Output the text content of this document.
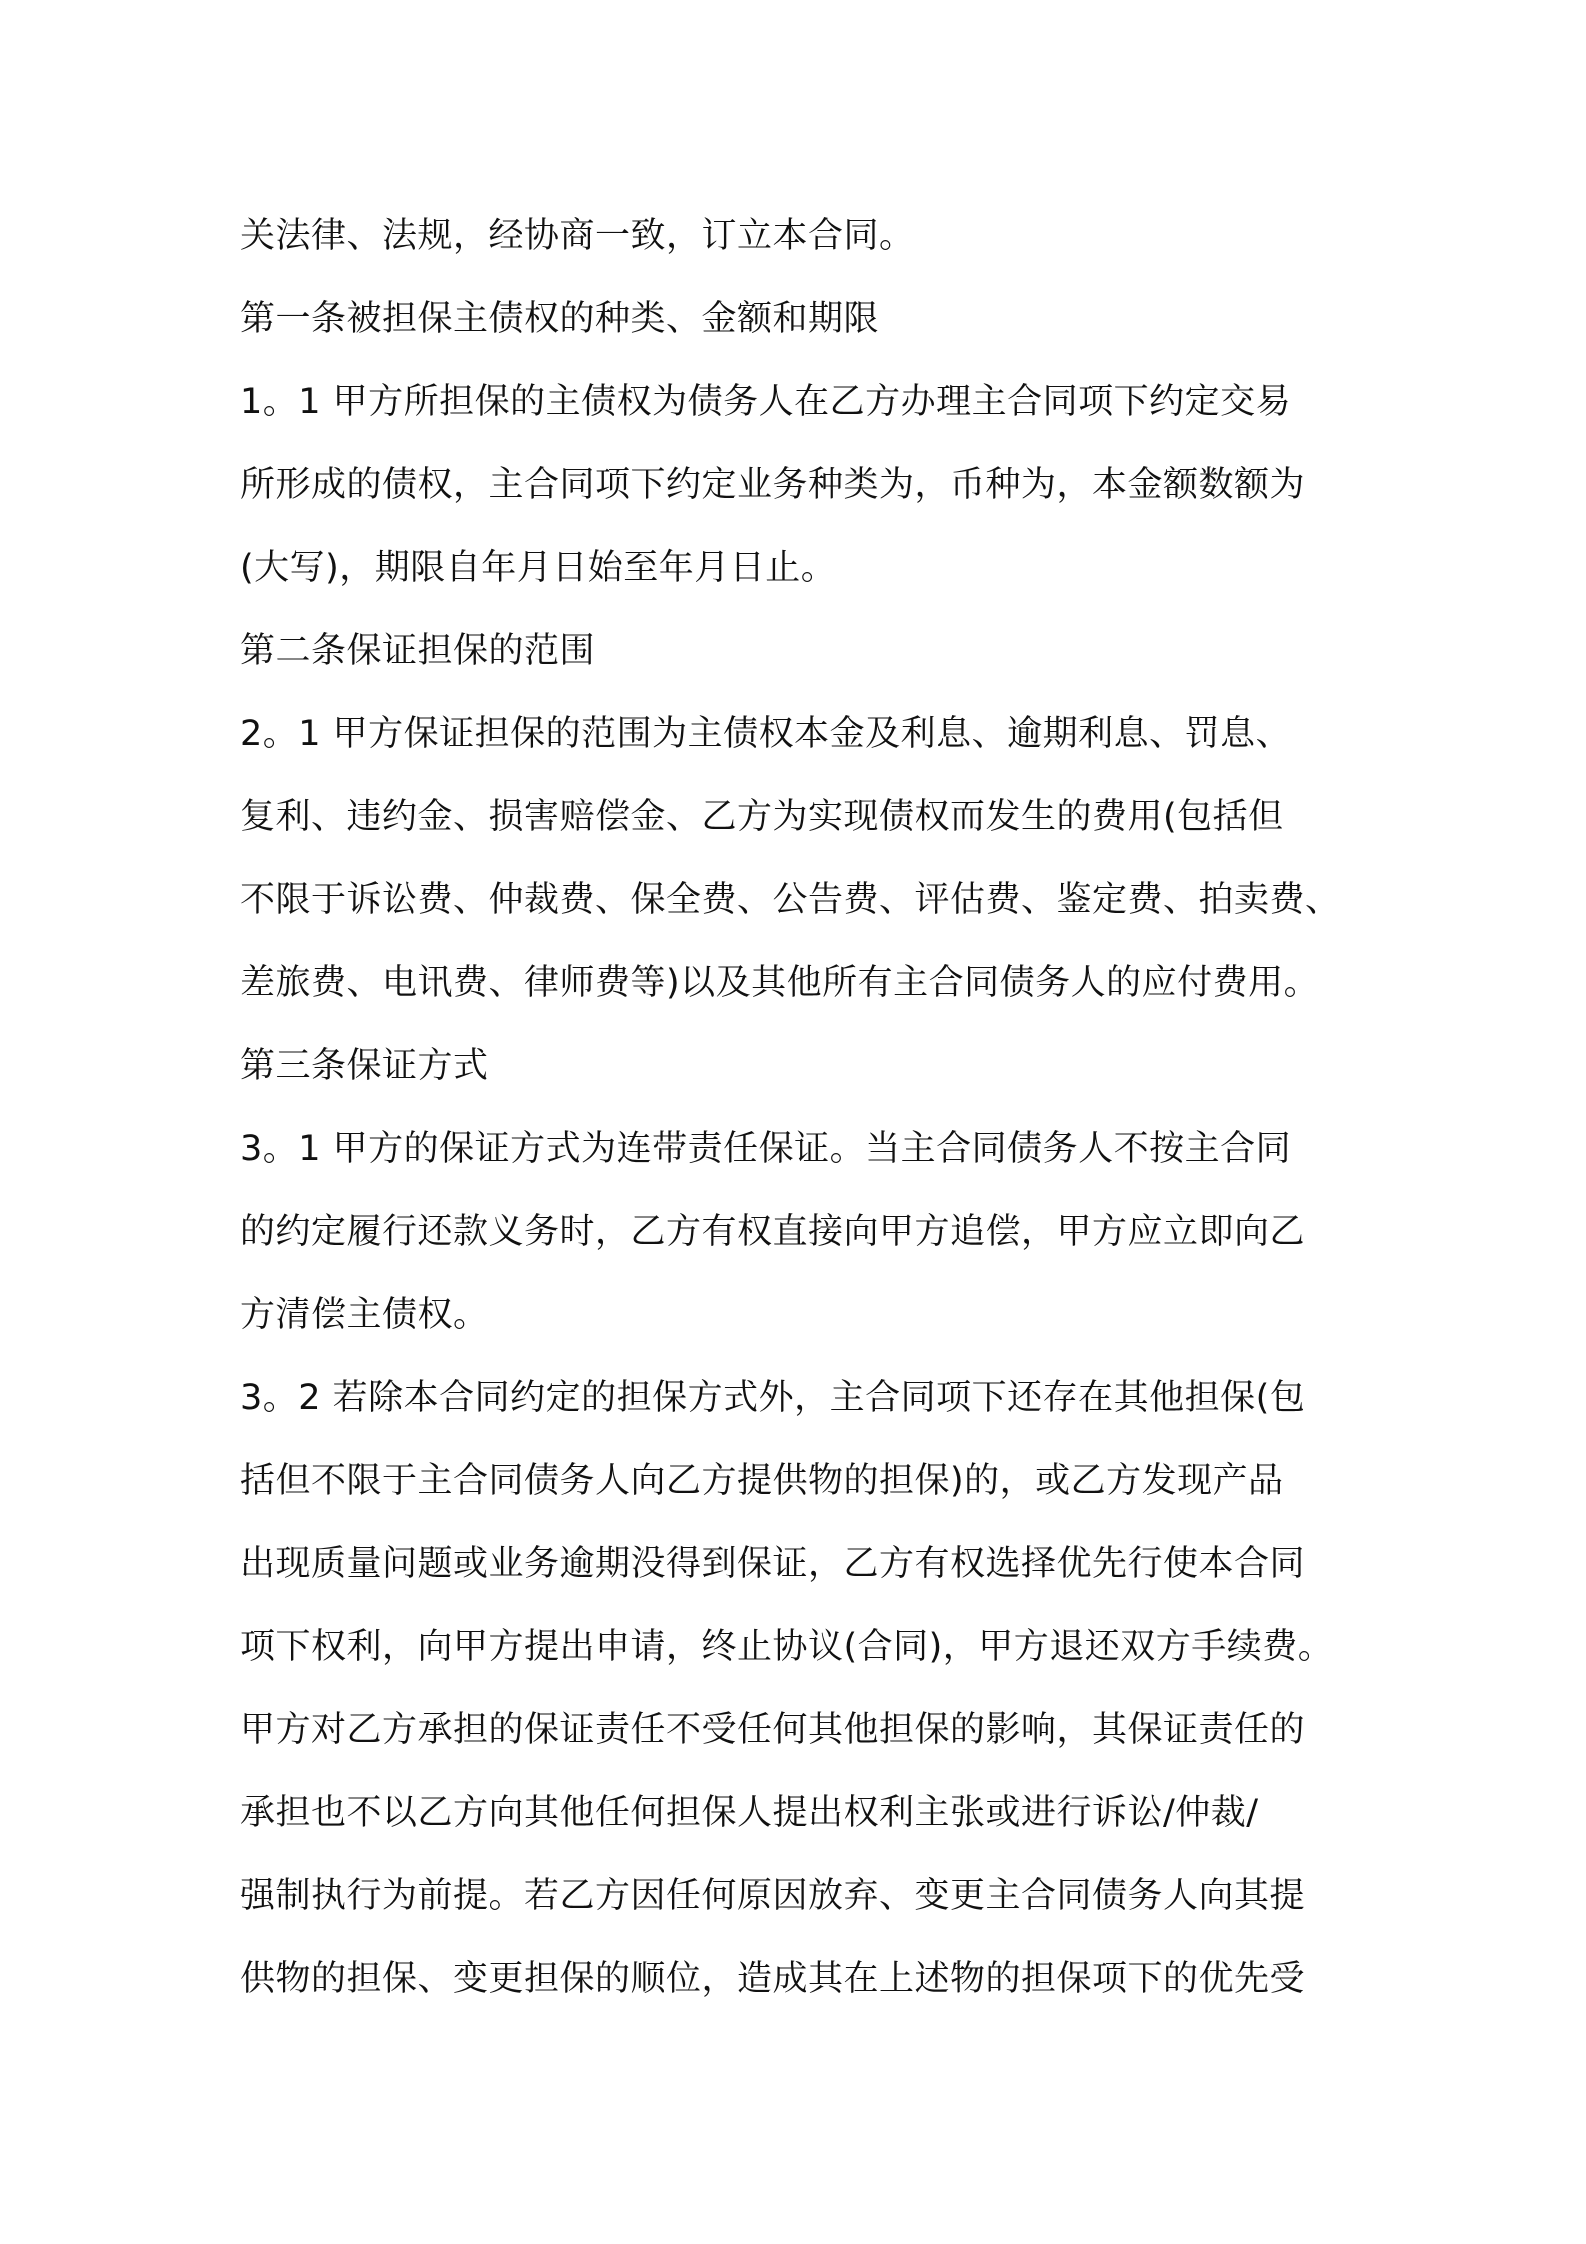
关法律、法规，经协商一致，订立本合同。
第一条被担保主债权的种类、金额和期限
1。1 甲方所担保的主债权为债务人在乙方办理主合同项下约定交易
所形成的债权，主合同项下约定业务种类为，币种为，本金额数额为
(大写)，期限自年月日始至年月日止。
第二条保证担保的范围
2。1 甲方保证担保的范围为主债权本金及利息、逾期利息、罚息、
复利、违约金、损害赔偿金、乙方为实现债权而发生的费用(包括但
不限于诉讼费、仲裁费、保全费、公告费、评估费、鉴定费、拍卖费、
差旅费、电讯费、律师费等)以及其他所有主合同债务人的应付费用。
第三条保证方式
3。1 甲方的保证方式为连带责任保证。当主合同债务人不按主合同
的约定履行还款义务时，乙方有权直接向甲方追偿，甲方应立即向乙
方清偿主债权。
3。2 若除本合同约定的担保方式外，主合同项下还存在其他担保(包
括但不限于主合同债务人向乙方提供物的担保)的，或乙方发现产品
出现质量问题或业务逾期没得到保证，乙方有权选择优先行使本合同
项下权利，向甲方提出申请，终止协议(合同)，甲方退还双方手续费。
甲方对乙方承担的保证责任不受任何其他担保的影响，其保证责任的
承担也不以乙方向其他任何担保人提出权利主张或进行诉讼/仲裁/
强制执行为前提。若乙方因任何原因放弃、变更主合同债务人向其提
供物的担保、变更担保的顺位，造成其在上述物的担保项下的优先受
